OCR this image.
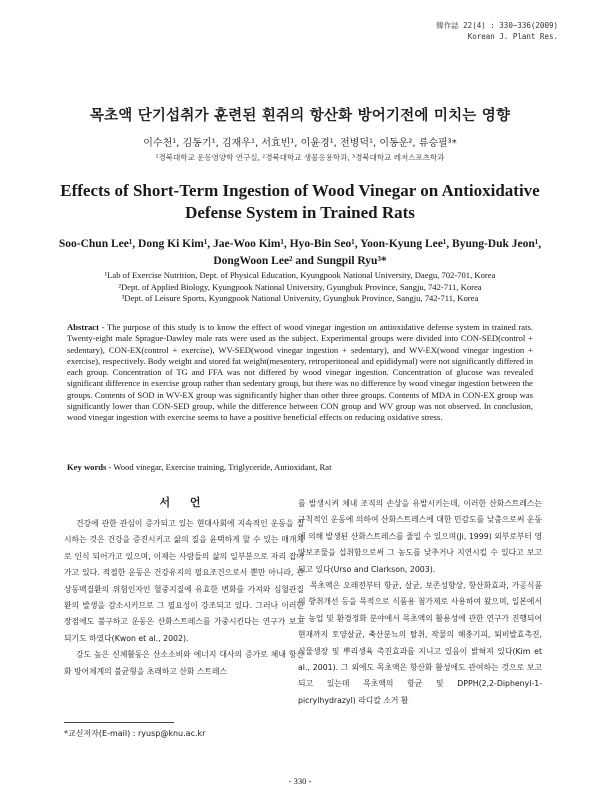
韓作誌 22(4) : 330~336(2009)
Korean J. Plant Res.
목초액 단기섭취가 훈련된 흰쥐의 항산화 방어기전에 미치는 영향
이수천¹, 김동기¹, 김재우¹, 서효빈¹, 이윤경¹, 전병덕¹, 이동운², 류승필³*
¹경북대학교 운동영양학 연구실, ²경북대학교 생물응용학과, ³경북대학교 레저스포츠학과
Effects of Short-Term Ingestion of Wood Vinegar on Antioxidative Defense System in Trained Rats
Soo-Chun Lee¹, Dong Ki Kim¹, Jae-Woo Kim¹, Hyo-Bin Seo¹, Yoon-Kyung Lee¹, Byung-Duk Jeon¹, DongWoon Lee² and Sungpil Ryu³*
¹Lab of Exercise Nutrition, Dept. of Physical Education, Kyungpook National University, Daegu, 702-701, Korea
²Dept. of Applied Biology, Kyungpook National University, Gyungbuk Province, Sangju, 742-711, Korea
³Dept. of Leisure Sports, Kyungpook National University, Gyungbuk Province, Sangju, 742-711, Korea
Abstract - The purpose of this study is to know the effect of wood vinegar ingestion on antioxidative defense system in trained rats. Twenty-eight male Sprague-Dawley male rats were used as the subject. Experimental groups were divided into CON-SED(control + sedentary), CON-EX(control + exercise), WV-SED(wood vinegar ingestion + sedentary), and WV-EX(wood vinegar ingestion + exercise), respectively. Body weight and stored fat weight(mesentery, retroperitoneal and epididymal) were not significantly differed in each group. Concentration of TG and FFA was not differed by wood vinegar ingestion. Concentration of glucose was revealed significant difference in exercise group rather than sedentary group, but there was no difference by wood vinegar ingestion between the groups. Contents of SOD in WV-EX group was significantly higher than other three groups. Contents of MDA in CON-EX group was significantly lower than CON-SED group, while the difference between CON group and WV group was not observed. In conclusion, wood vinegar ingestion with exercise seems to have a positive beneficial effects on reducing oxidative stress.
Key words - Wood vinegar, Exercise training, Triglyceride, Antioxidant, Rat
서 언

건강에 관한 관심이 증가되고 있는 현대사회에 지속적인 운동을 실시하는 것은 건강을 증진시키고 삶의 질을 윤택하게 할 수 있는 매개체로 인식 되어가고 있으며, 이제는 사람들의 삶의 일부분으로 자리 잡아가고 있다. 적절한 운동은 건강유지의 필요조건으로서 뿐만 아니라, 관상동맥질환의 위험인자인 혈중지질에 유효한 변화를 가져와 심혈관질환의 발생을 감소시키므로 그 필요성이 강조되고 있다. 그러나 이러한 장점에도 불구하고 운동은 산화스트레스를 가중시킨다는 연구가 보고되기도 하였다(Kwon et al., 2002).

강도 높은 신체활동은 산소소비와 에너지 대사의 증가로 체내 항산화 방어체계의 불균형을 초래하고 산화 스트레스

를 발생시켜 체내 조직의 손상을 유발시키는데, 이러한 산화스트레스는 규칙적인 운동에 의하여 산화스트레스에 대한 민감도를 낮춤으로써 운동에 의해 발생된 산화스트레스를 줄일 수 있으며(Ji, 1999) 외부로부터 영양보조물을 섭취함으로써 그 농도를 낮추거나 지연시킬 수 있다고 보고되고 있다(Urso and Clarkson, 2003).

목초액은 오래전부터 항균, 살균, 보존성향상, 항산화효과, 가공식품의 향취개선 등을 목적으로 식품용 첨가제로 사용하여 왔으며, 일본에서는 농업 및 환경정화 분야에서 목초액의 활용성에 관한 연구가 진행되어 현재까지 토양살균, 축산분뇨의 탈취, 작물의 해충기피, 퇴비발효촉진, 식물생장 및 뿌리생육 촉진효과를 지니고 있음이 밝혀져 있다(Kim et al., 2001). 그 외에도 목초액은 항산화 활성에도 관여하는 것으로 보고되고 있는데 목초액의 항균 및 DPPH(2,2-Diphenyl-1-picrylhydrazyl) 라디칼 소거 활

*교신저자(E-mail) : ryusp@knu.ac.kr
- 330 -
